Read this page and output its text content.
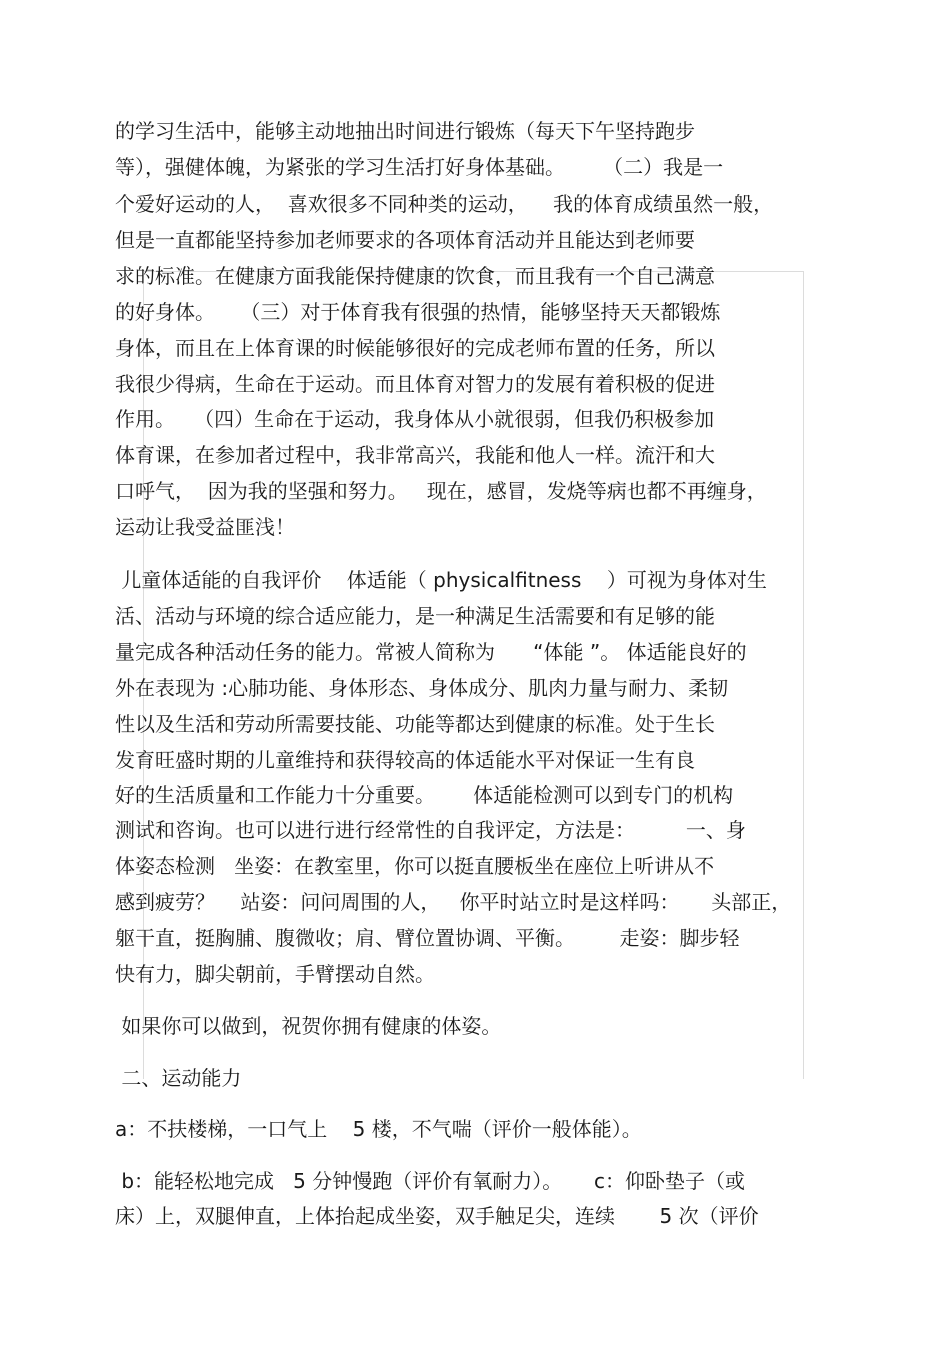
的学习生活中，能够主动地抽出时间进行锻炼（每天下午坚持跑步
等），强健体魄，为紧张的学习生活打好身体基础。      （二）我是一
个爱好运动的人，  喜欢很多不同种类的运动，    我的体育成绩虽然一般，
但是一直都能坚持参加老师要求的各项体育活动并且能达到老师要
求的标准。在健康方面我能保持健康的饮食，而且我有一个自己满意
的好身体。    （三）对于体育我有很强的热情，能够坚持天天都锻炼
身体，而且在上体育课的时候能够很好的完成老师布置的任务，所以
我很少得病，生命在于运动。而且体育对智力的发展有着积极的促进
作用。   （四）生命在于运动，我身体从小就很弱，但我仍积极参加
体育课，在参加者过程中，我非常高兴，我能和他人一样。流汗和大
口呼气，  因为我的坚强和努力。   现在，感冒，发烧等病也都不再缠身，
运动让我受益匪浅！
儿童体适能的自我评价    体适能（ physicalfitness    ）可视为身体对生
活、活动与环境的综合适应能力，是一种满足生活需要和有足够的能
量完成各种活动任务的能力。常被人简称为      “体能 ”。 体适能良好的
外在表现为 :心肺功能、身体形态、身体成分、肌肉力量与耐力、柔韧
性以及生活和劳动所需要技能、功能等都达到健康的标准。处于生长
发育旺盛时期的儿童维持和获得较高的体适能水平对保证一生有良
好的生活质量和工作能力十分重要。      体适能检测可以到专门的机构
测试和咨询。也可以进行进行经常性的自我评定，方法是：        一、身
体姿态检测   坐姿：在教室里，你可以挺直腰板坐在座位上听讲从不
感到疲劳？    站姿：问问周围的人，   你平时站立时是这样吗：     头部正，
躯干直，挺胸脯、腹微收；肩、臂位置协调、平衡。       走姿：脚步轻
快有力，脚尖朝前，手臂摆动自然。
如果你可以做到，祝贺你拥有健康的体姿。
二、运动能力
a：不扶楼梯，一口气上    5 楼，不气喘（评价一般体能）。
b：能轻松地完成   5 分钟慢跑（评价有氧耐力）。     c：仰卧垫子（或
床）上，双腿伸直，上体抬起成坐姿，双手触足尖，连续       5 次（评价
